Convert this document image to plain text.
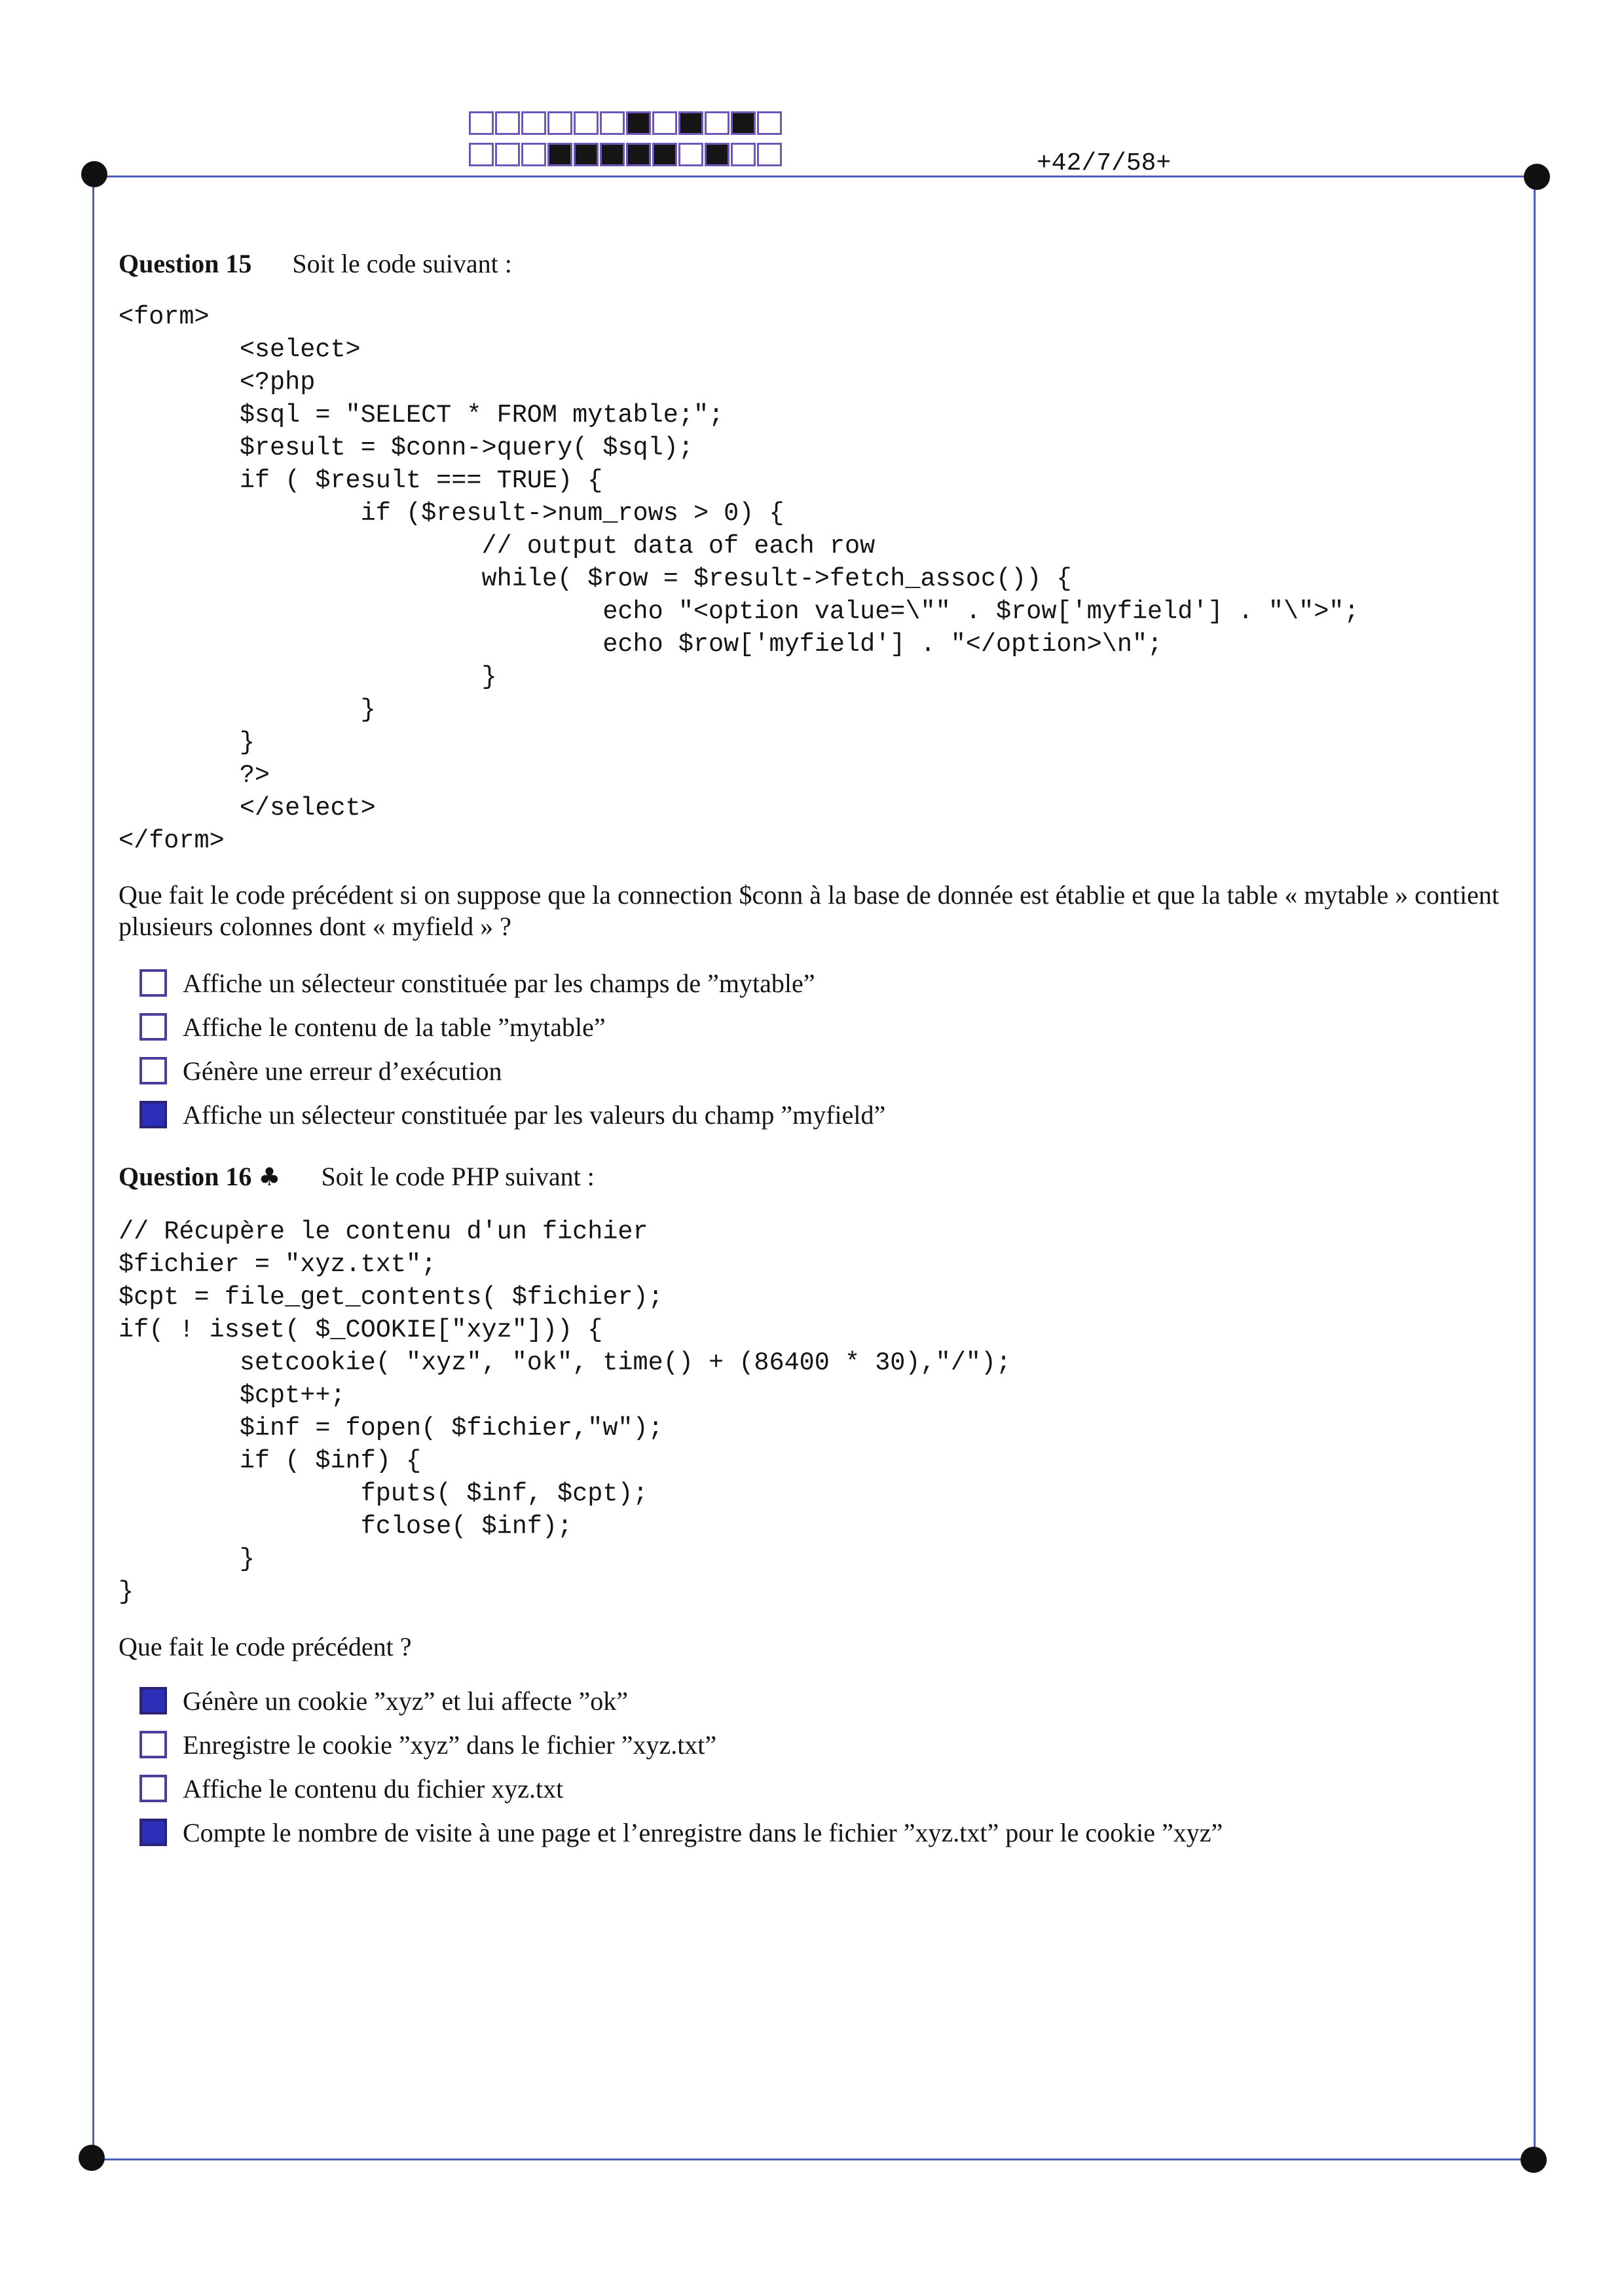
+42/7/58+
Question 15 Soit le code suivant :
<form>
<select>
<?php
$sql = "SELECT * FROM mytable;";
$result = $conn->query( $sql);
if ( $result === TRUE) {
if ($result->num_rows > 0) {
// output data of each row
while( $row = $result->fetch_assoc()) {
echo "<option value=\"" . $row['myfield'] . "\">";
echo $row['myfield'] . "</option>\n";
}
}
}
?>
</select>
</form>
Que fait le code précédent si on suppose que la connection $conn à la base de donnée est établie et que la table « mytable » contient plusieurs colonnes dont « myfield » ?
Affiche un sélecteur constituée par les champs de ”mytable”
Affiche le contenu de la table ”mytable”
Génère une erreur d’exécution
Affiche un sélecteur constituée par les valeurs du champ ”myfield”
Question 16 ♣ Soit le code PHP suivant :
// Récupère le contenu d'un fichier
$fichier = "xyz.txt";
$cpt = file_get_contents( $fichier);
if( ! isset( $_COOKIE["xyz"])) {
setcookie( "xyz", "ok", time() + (86400 * 30),"/");
$cpt++;
$inf = fopen( $fichier,"w");
if ( $inf) {
fputs( $inf, $cpt);
fclose( $inf);
}
}
Que fait le code précédent ?
Génère un cookie ”xyz” et lui affecte ”ok”
Enregistre le cookie ”xyz” dans le fichier ”xyz.txt”
Affiche le contenu du fichier xyz.txt
Compte le nombre de visite à une page et l’enregistre dans le fichier ”xyz.txt” pour le cookie ”xyz”
